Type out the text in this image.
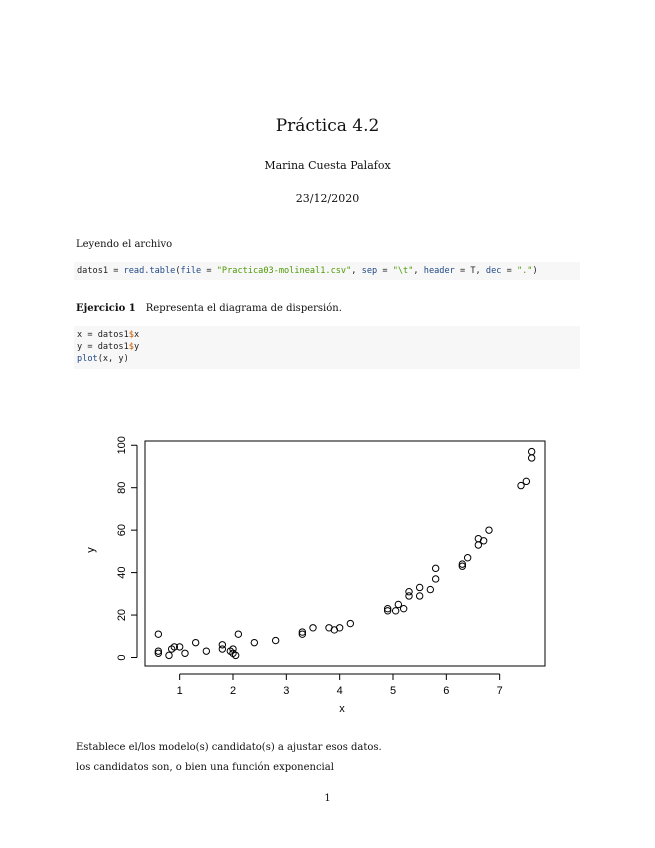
Práctica 4.2
Marina Cuesta Palafox
23/12/2020
Leyendo el archivo
datos1 = read.table(file = "Practica03-molineal1.csv", sep = "\t", header = T, dec = ".")
Ejercicio 1 Representa el diagrama de dispersión.
x = datos1$x
y = datos1$y
plot(x, y)
1	2	3	4	5	6	7
0
20
40
60
80
100
x
y
Establece el/los modelo(s) candidato(s) a ajustar esos datos.
los candidatos son, o bien una función exponencial
1
